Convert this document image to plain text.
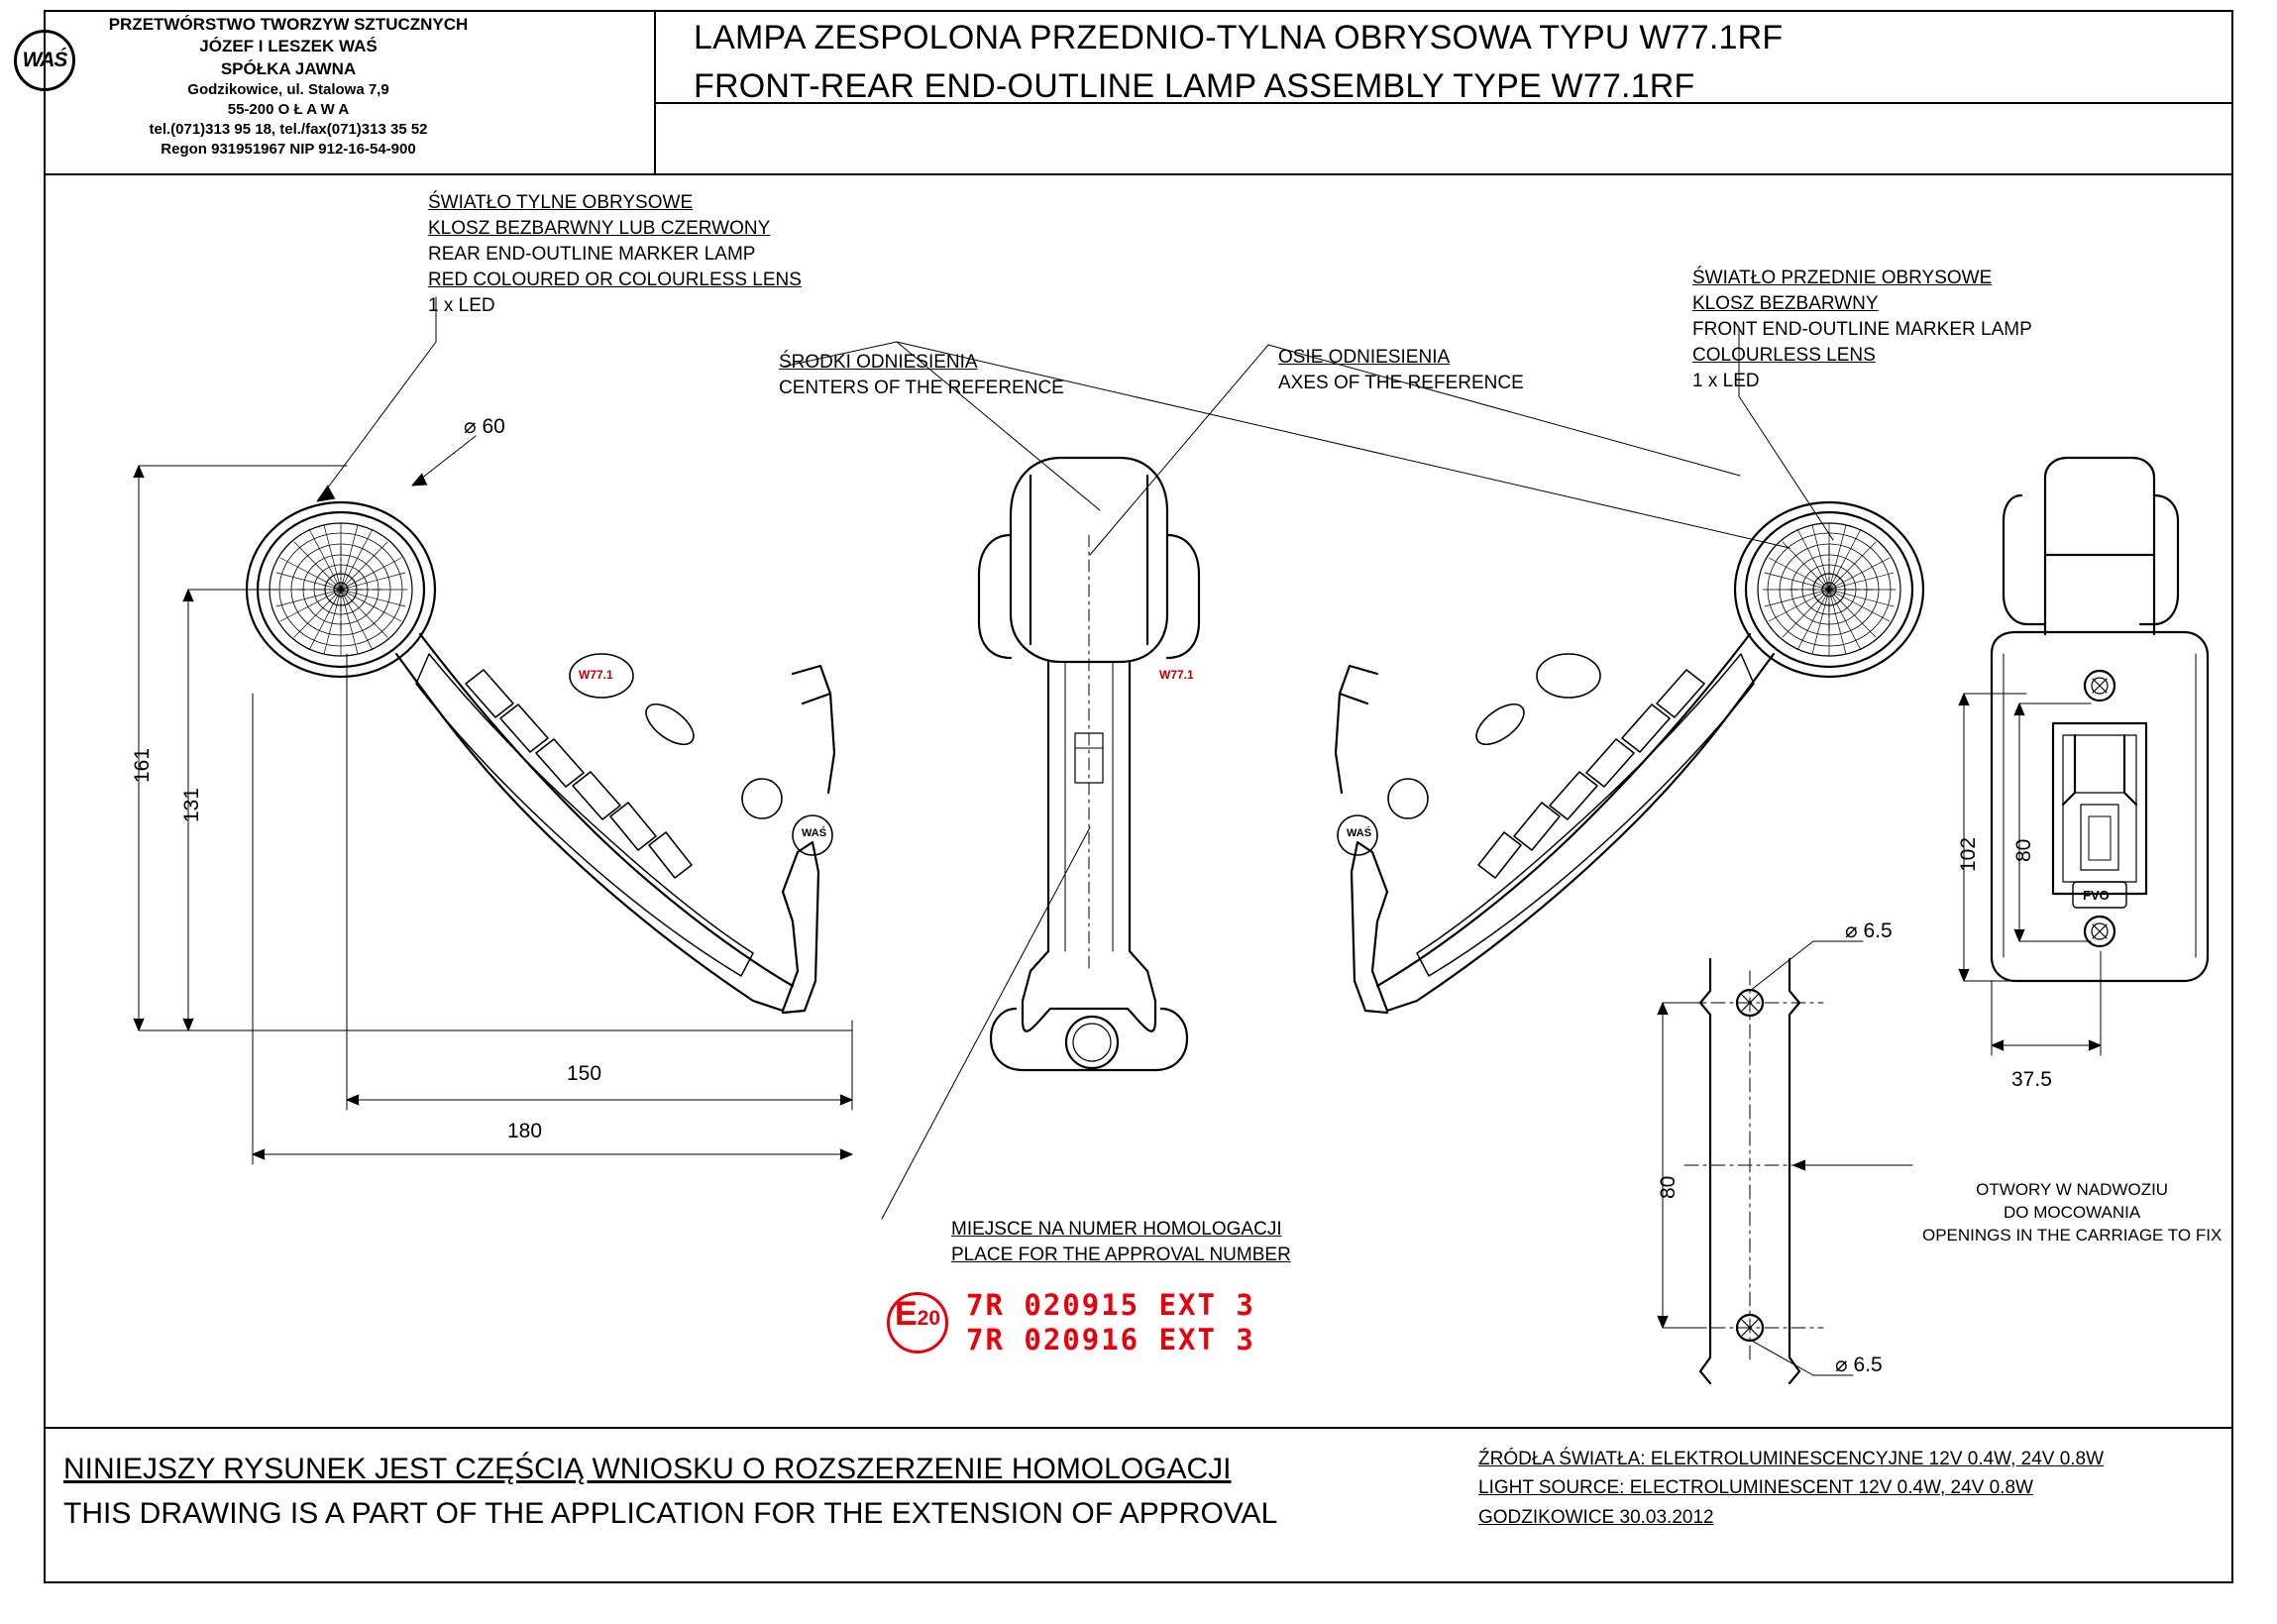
WAŚ
PRZETWÓRSTWO TWORZYW SZTUCZNYCH
JÓZEF I LESZEK WAŚ
SPÓŁKA JAWNA
Godzikowice, ul. Stalowa 7,9
55-200 O Ł A W A
tel.(071)313 95 18, tel./fax(071)313 35 52
Regon 931951967 NIP 912-16-54-900
LAMPA ZESPOLONA PRZEDNIO-TYLNA OBRYSOWA TYPU W77.1RF
FRONT-REAR END-OUTLINE LAMP ASSEMBLY TYPE W77.1RF
W77.1
WAŚ
W77.1
WAŚ
FVO
ŚWIATŁO TYLNE OBRYSOWE
KLOSZ BEZBARWNY LUB CZERWONY
REAR END-OUTLINE MARKER LAMP
RED COLOURED OR COLOURLESS LENS
1 x LED
ŚRODKI ODNIESIENIA
CENTERS OF THE REFERENCE
OSIE ODNIESIENIA
AXES OF THE REFERENCE
ŚWIATŁO PRZEDNIE OBRYSOWE
KLOSZ BEZBARWNY
FRONT END-OUTLINE MARKER LAMP
COLOURLESS LENS
1 x LED
MIEJSCE NA NUMER HOMOLOGACJI
PLACE FOR THE APPROVAL NUMBER
OTWORY W NADWOZIU
DO MOCOWANIA
OPENINGS IN THE CARRIAGE TO FIX
⌀ 60
161
131
150
180
102 80
37.5
⌀ 6.5
⌀ 6.5
80
E 20 7R 020915 EXT 3
7R 020916 EXT 3
NINIEJSZY RYSUNEK JEST CZĘŚCIĄ WNIOSKU O ROZSZERZENIE HOMOLOGACJI
THIS DRAWING IS A PART OF THE APPLICATION FOR THE EXTENSION OF APPROVAL
ŹRÓDŁA ŚWIATŁA: ELEKTROLUMINESCENCYJNE 12V 0.4W, 24V 0.8W
LIGHT SOURCE: ELECTROLUMINESCENT 12V 0.4W, 24V 0.8W
GODZIKOWICE 30.03.2012
